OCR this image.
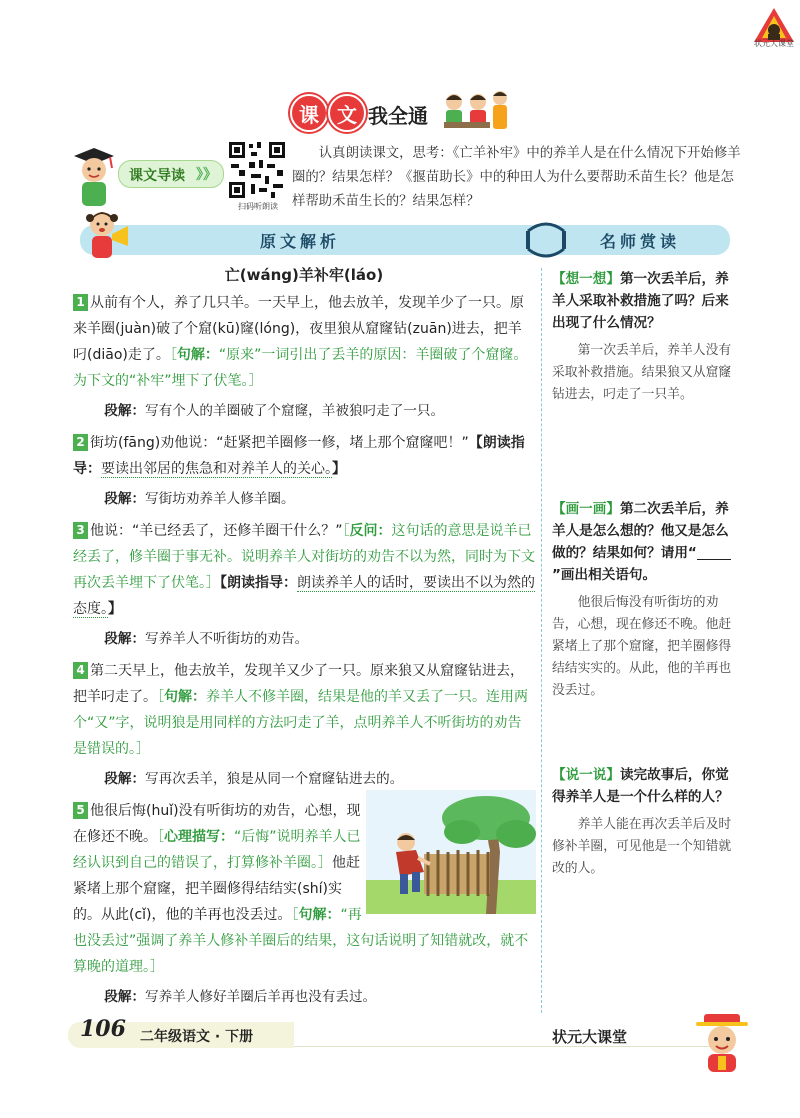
状元大课堂
课 文 我全通
课文导读 》》
扫码听朗读
认真朗读课文，思考：《亡羊补牢》中的养羊人是在什么情况下开始修羊圈的？结果怎样？《揠苗助长》中的种田人为什么要帮助禾苗生长？他是怎样帮助禾苗生长的？结果怎样？
原文解析	名师赏读
亡(wáng)羊补牢(láo)

1 从前有个人，养了几只羊。一天早上，他去放羊，发现羊少了一只。原来羊圈(juàn)破了个窟(kū)窿(lóng)，夜里狼从窟窿钻(zuān)进去，把羊叼(diāo)走了。［句解：“原来”一词引出了丢羊的原因：羊圈破了个窟窿。为下文的“补牢”埋下了伏笔。］

段解：写有个人的羊圈破了个窟窿，羊被狼叼走了一只。

2 街坊(fāng)劝他说：“赶紧把羊圈修一修，堵上那个窟窿吧！”【朗读指导：要读出邻居的焦急和对养羊人的关心。】

段解：写街坊劝养羊人修羊圈。

3 他说：“羊已经丢了，还修羊圈干什么？”［反问：这句话的意思是说羊已经丢了，修羊圈于事无补。说明养羊人对街坊的劝告不以为然，同时为下文再次丢羊埋下了伏笔。］【朗读指导：朗读养羊人的话时，要读出不以为然的态度。】

段解：写养羊人不听街坊的劝告。

4 第二天早上，他去放羊，发现羊又少了一只。原来狼又从窟窿钻进去，把羊叼走了。［句解：养羊人不修羊圈，结果是他的羊又丢了一只。连用两个“又”字，说明狼是用同样的方法叼走了羊，点明养羊人不听街坊的劝告是错误的。］

段解：写再次丢羊，狼是从同一个窟窿钻进去的。

5 他很后悔(huǐ)没有听街坊的劝告，心想，现在修还不晚。［心理描写：“后悔”说明养羊人已经认识到自己的错误了，打算修补羊圈。］他赶紧堵上那个窟窿，把羊圈修得结结实(shí)实的。从此(cǐ)，他的羊再也没丢过。［句解：“再也没丢过”强调了养羊人修补羊圈后的结果，这句话说明了知错就改，就不算晚的道理。］

段解：写养羊人修好羊圈后羊再也没有丢过。

【想一想】第一次丢羊后，养羊人采取补救措施了吗？后来出现了什么情况？

第一次丢羊后，养羊人没有采取补救措施。结果狼又从窟窿钻进去，叼走了一只羊。

【画一画】第二次丢羊后，养羊人是怎么想的？他又是怎么做的？结果如何？请用“”画出相关语句。

他很后悔没有听街坊的劝告，心想，现在修还不晚。他赶紧堵上了那个窟窿，把羊圈修得结结实实的。从此，他的羊再也没丢过。

【说一说】读完故事后，你觉得养羊人是一个什么样的人？

养羊人能在再次丢羊后及时修补羊圈，可见他是一个知错就改的人。

106 二年级语文 · 下册	状元大课堂
